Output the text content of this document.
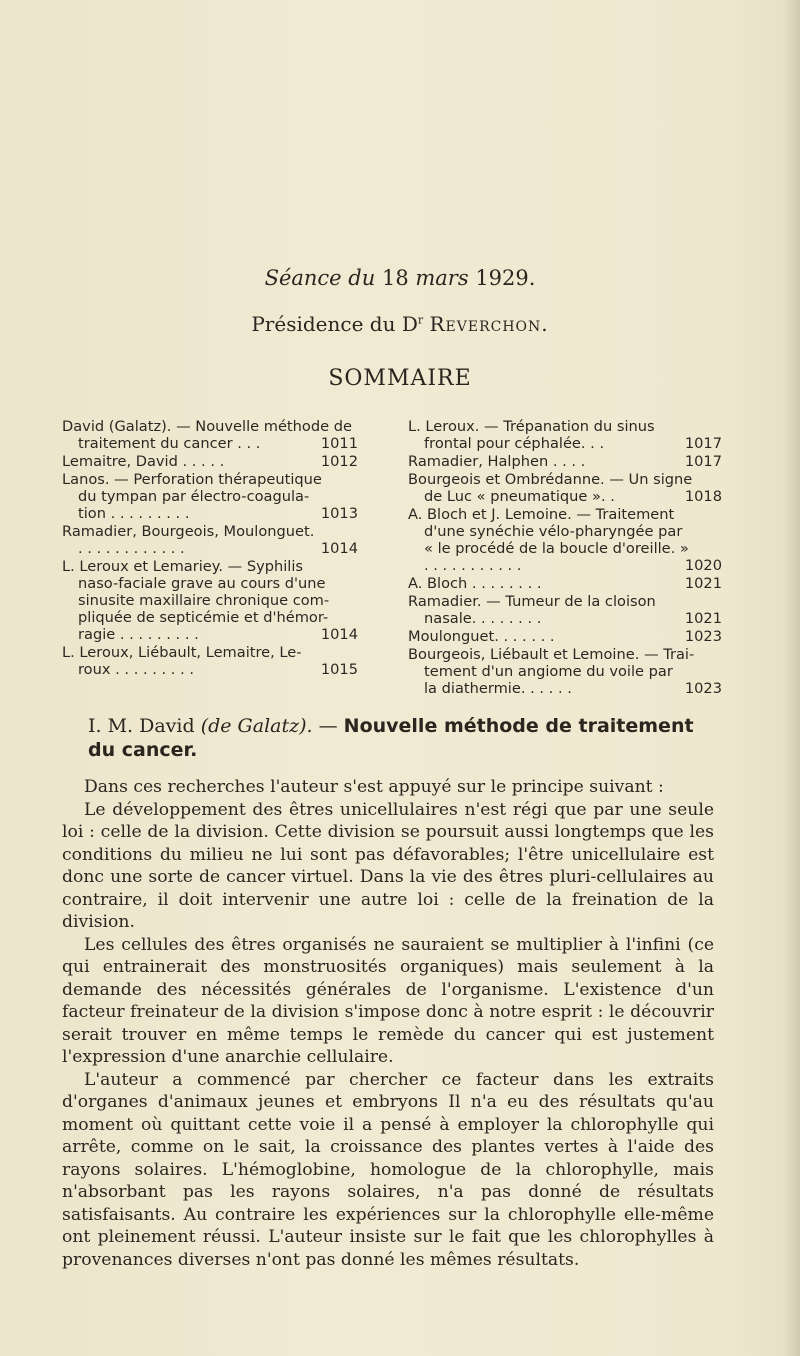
Séance du 18 mars 1929.
Présidence du $D^r$ Reverchon.
SOMMAIRE
David (Galatz). — Nouvelle méthode de
traitement du cancer . . .	1011
Lemaitre, David . . . . .	1012
Lanos. — Perforation thérapeutique
du tympan par électro-coagula-
tion . . . . . . . . .	1013
Ramadier, Bourgeois, Moulonguet.
. . . . . . . . . . . .	1014
L. Leroux et Lemariey. — Syphilis
naso-faciale grave au cours d'une
sinusite maxillaire chronique com-
pliquée de septicémie et d'hémor-
ragie . . . . . . . . .	1014
L. Leroux, Liébault, Lemaitre, Le-
roux . . . . . . . . .	1015
L. Leroux. — Trépanation du sinus
frontal pour céphalée. . .	1017
Ramadier, Halphen . . . .	1017
Bourgeois et Ombrédanne. — Un signe
de Luc « pneumatique ». .	1018
A. Bloch et J. Lemoine. — Traitement
d'une synéchie vélo-pharyngée par
« le procédé de la boucle d'oreille. »
. . . . . . . . . . .	1020
A. Bloch . . . . . . . .	1021
Ramadier. — Tumeur de la cloison
nasale. . . . . . . .	1021
Moulonguet. . . . . . .	1023
Bourgeois, Liébault et Lemoine. — Trai-
tement d'un angiome du voile par
la diathermie. . . . . .	1023
I. M. David (de Galatz). — Nouvelle méthode de traitement du cancer.

Dans ces recherches l'auteur s'est appuyé sur le principe suivant :

Le développement des êtres unicellulaires n'est régi que par une seule loi : celle de la division. Cette division se poursuit aussi longtemps que les conditions du milieu ne lui sont pas défavorables; l'être unicellulaire est donc une sorte de cancer virtuel. Dans la vie des êtres pluri-cellulaires au contraire, il doit intervenir une autre loi : celle de la freination de la division.

Les cellules des êtres organisés ne sauraient se multiplier à l'infini (ce qui entrainerait des monstruosités organiques) mais seulement à la demande des nécessités générales de l'organisme. L'existence d'un facteur freinateur de la division s'impose donc à notre esprit : le découvrir serait trouver en même temps le remède du cancer qui est justement l'expression d'une anarchie cellulaire.

L'auteur a commencé par chercher ce facteur dans les extraits d'organes d'animaux jeunes et embryons Il n'a eu des résultats qu'au moment où quittant cette voie il a pensé à employer la chlorophylle qui arrête, comme on le sait, la croissance des plantes vertes à l'aide des rayons solaires. L'hémoglobine, homologue de la chlorophylle, mais n'absorbant pas les rayons solaires, n'a pas donné de résultats satisfaisants. Au contraire les expériences sur la chlorophylle elle-même ont pleinement réussi. L'auteur insiste sur le fait que les chlorophylles à provenances diverses n'ont pas donné les mêmes résultats.
